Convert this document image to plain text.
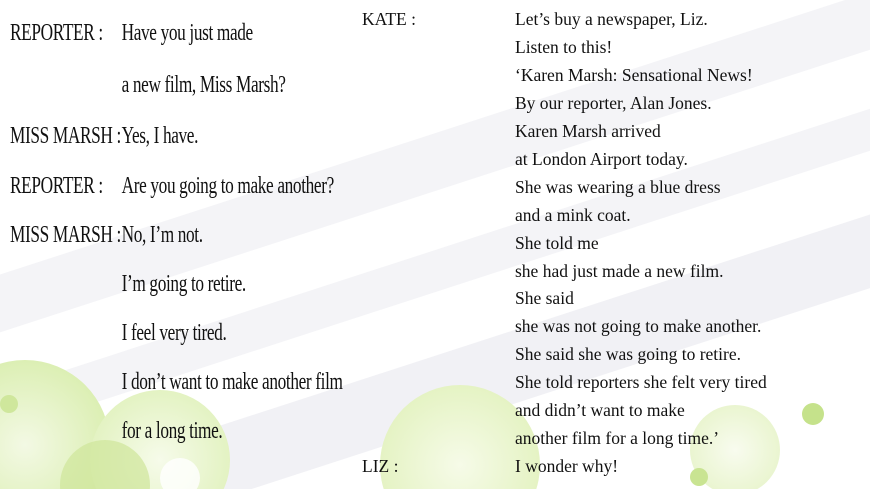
REPORTER : Have you just made
a new film, Miss Marsh?
MISS MARSH : Yes, I have.
REPORTER : Are you going to make another?
MISS MARSH : No, I’m not.
I’m going to retire.
I feel very tired.
I don’t want to make another film
for a long time.
KATE :	Let’s buy a newspaper, Liz.
Listen to this!
‘Karen Marsh: Sensational News!
By our reporter, Alan Jones.
Karen Marsh arrived
at London Airport today.
She was wearing a blue dress
and a mink coat.
She told me
she had just made a new film.
She said
she was not going to make another.
She said she was going to retire.
She told reporters she felt very tired
and didn’t want to make
another film for a long time.’
LIZ :	I wonder why!
